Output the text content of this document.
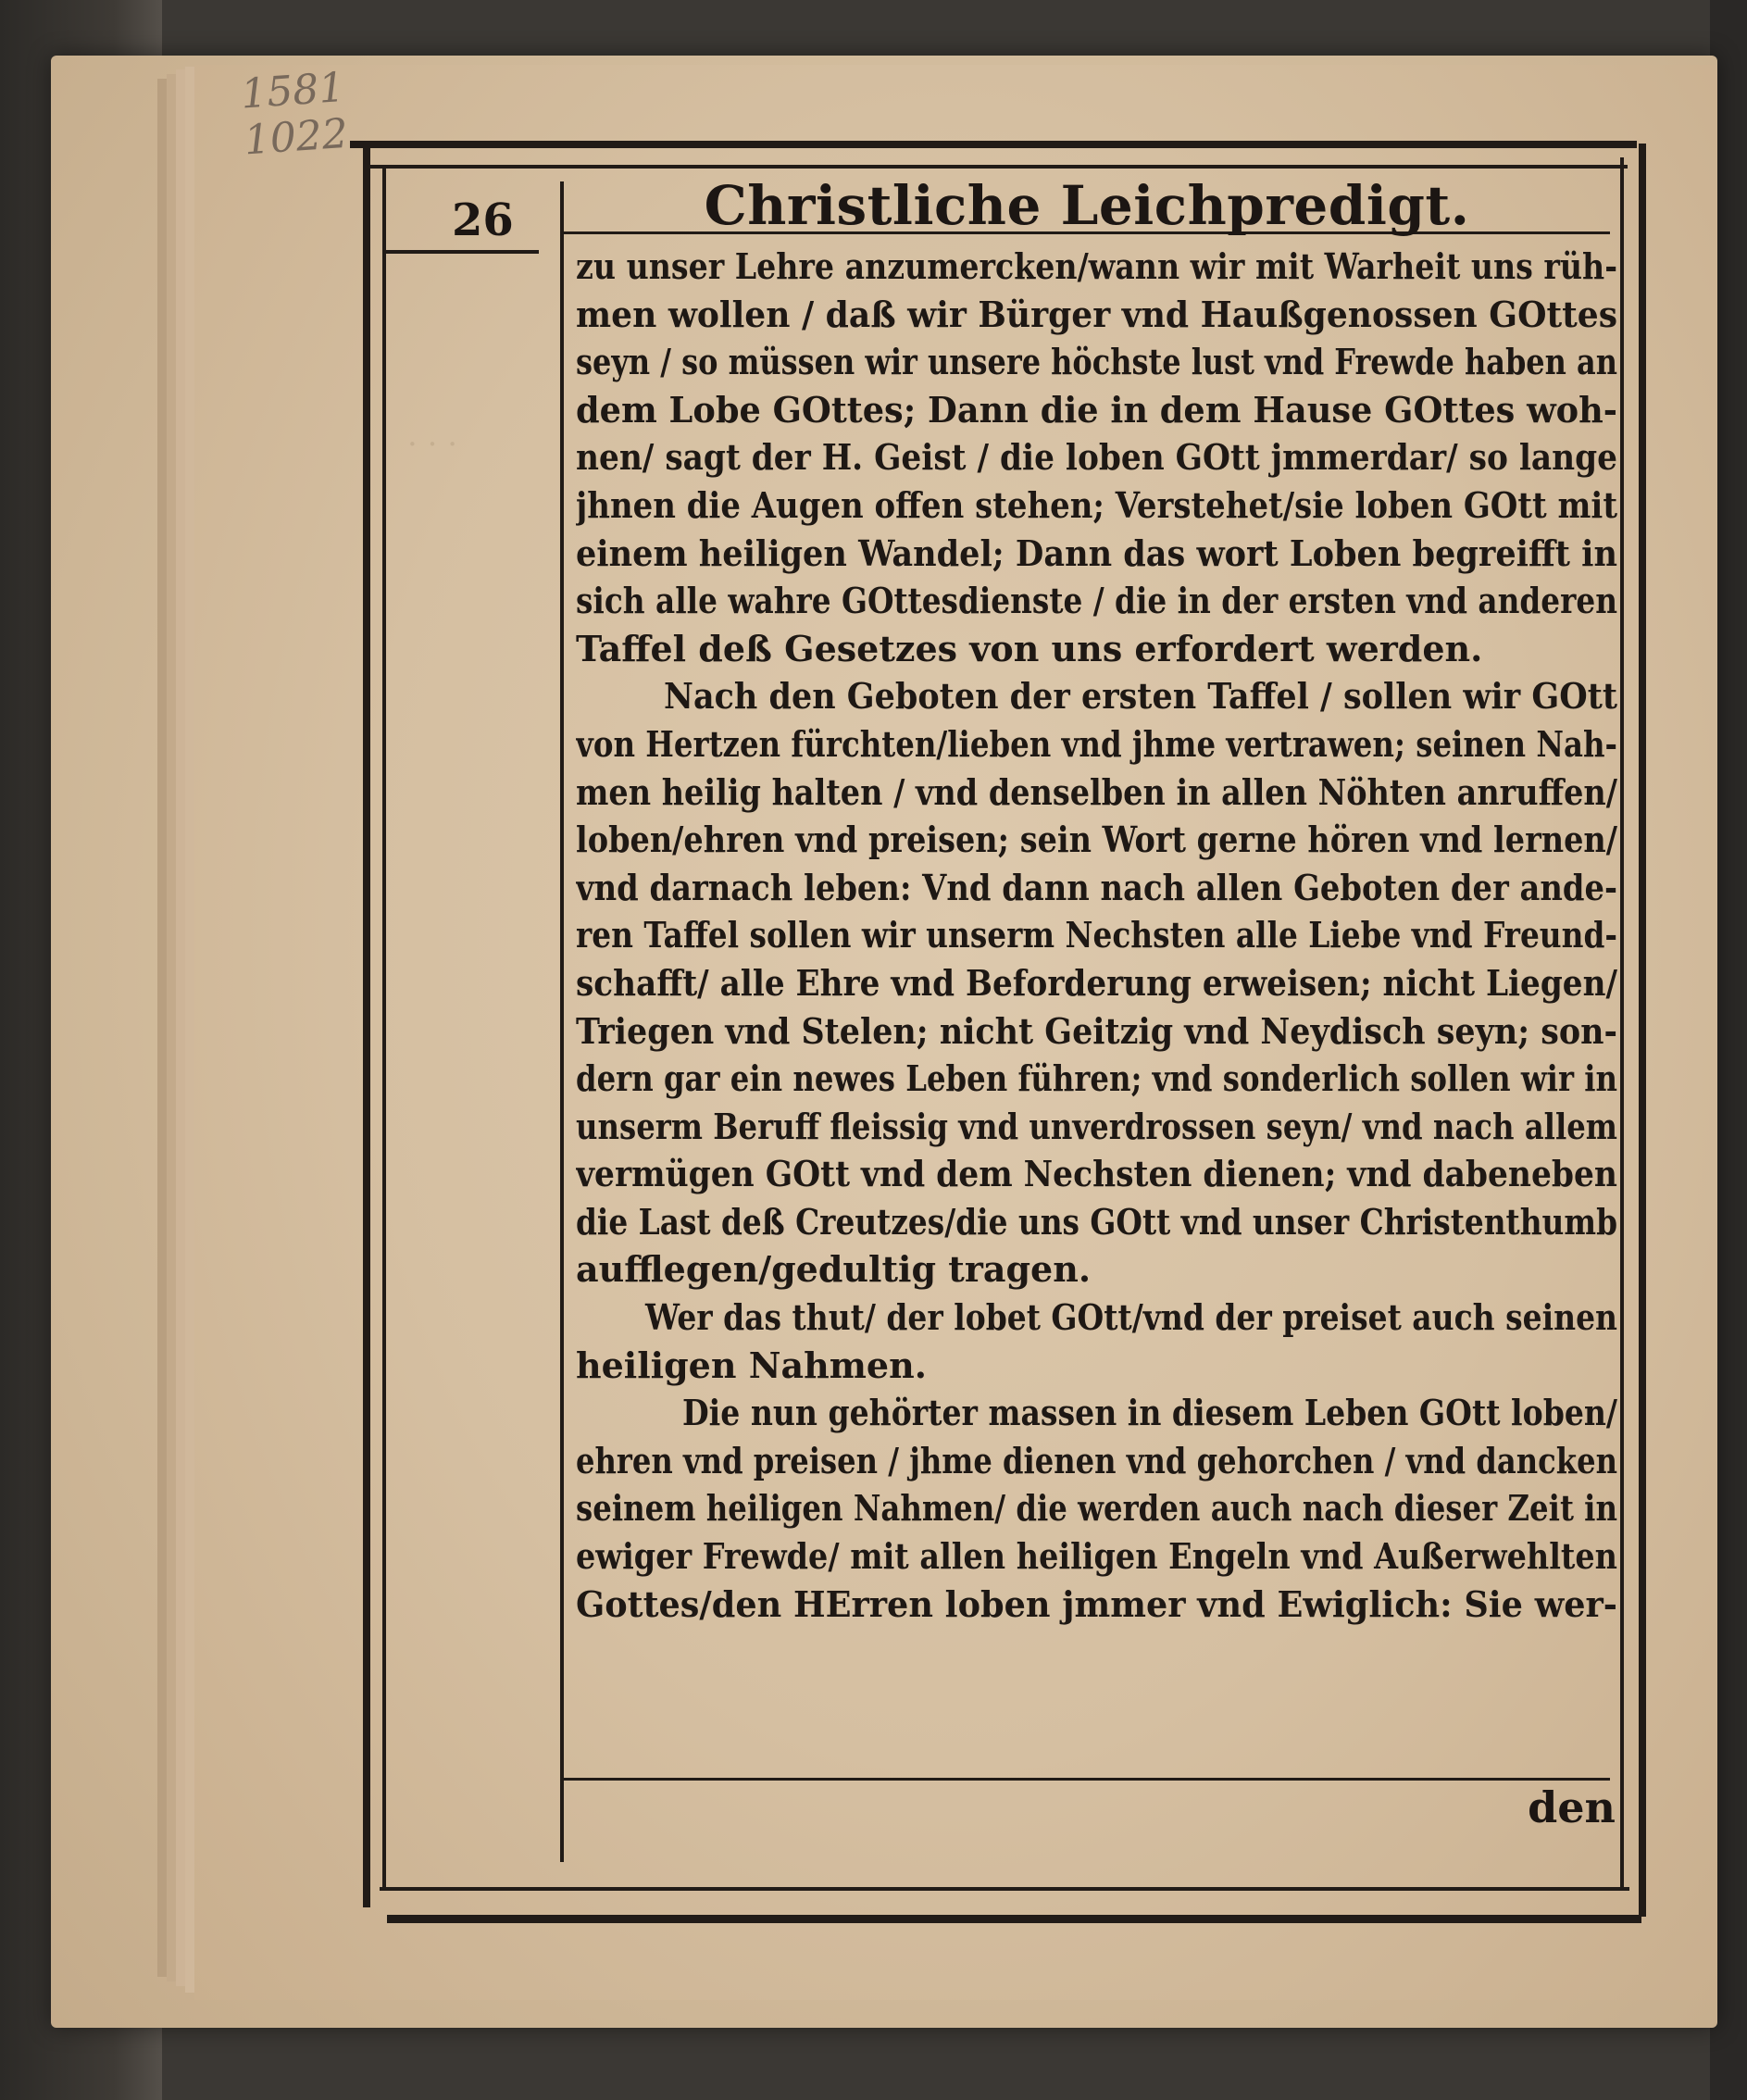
1581
1022
· · ·
26	Christliche Leichpredigt.
zu unser Lehre anzumercken/wann wir mit Warheit uns rüh-
men wollen / daß wir Bürger vnd Haußgenossen GOttes
seyn / so müssen wir unsere höchste lust vnd Frewde haben an
dem Lobe GOttes; Dann die in dem Hause GOttes woh-
nen/ sagt der H. Geist / die loben GOtt jmmerdar/ so lange
jhnen die Augen offen stehen; Verstehet/sie loben GOtt mit
einem heiligen Wandel; Dann das wort Loben begreifft in
sich alle wahre GOttesdienste / die in der ersten vnd anderen
Taffel deß Gesetzes von uns erfordert werden.
Nach den Geboten der ersten Taffel / sollen wir GOtt
von Hertzen fürchten/lieben vnd jhme vertrawen; seinen Nah-
men heilig halten / vnd denselben in allen Nöhten anruffen/
loben/ehren vnd preisen; sein Wort gerne hören vnd lernen/
vnd darnach leben: Vnd dann nach allen Geboten der ande-
ren Taffel sollen wir unserm Nechsten alle Liebe vnd Freund-
schafft/ alle Ehre vnd Beforderung erweisen; nicht Liegen/
Triegen vnd Stelen; nicht Geitzig vnd Neydisch seyn; son-
dern gar ein newes Leben führen; vnd sonderlich sollen wir in
unserm Beruff fleissig vnd unverdrossen seyn/ vnd nach allem
vermügen GOtt vnd dem Nechsten dienen; vnd dabeneben
die Last deß Creutzes/die uns GOtt vnd unser Christenthumb
aufflegen/gedultig tragen.
Wer das thut/ der lobet GOtt/vnd der preiset auch seinen
heiligen Nahmen.
Die nun gehörter massen in diesem Leben GOtt loben/
ehren vnd preisen / jhme dienen vnd gehorchen / vnd dancken
seinem heiligen Nahmen/ die werden auch nach dieser Zeit in
ewiger Frewde/ mit allen heiligen Engeln vnd Außerwehlten
Gottes/den HErren loben jmmer vnd Ewiglich: Sie wer-
den
